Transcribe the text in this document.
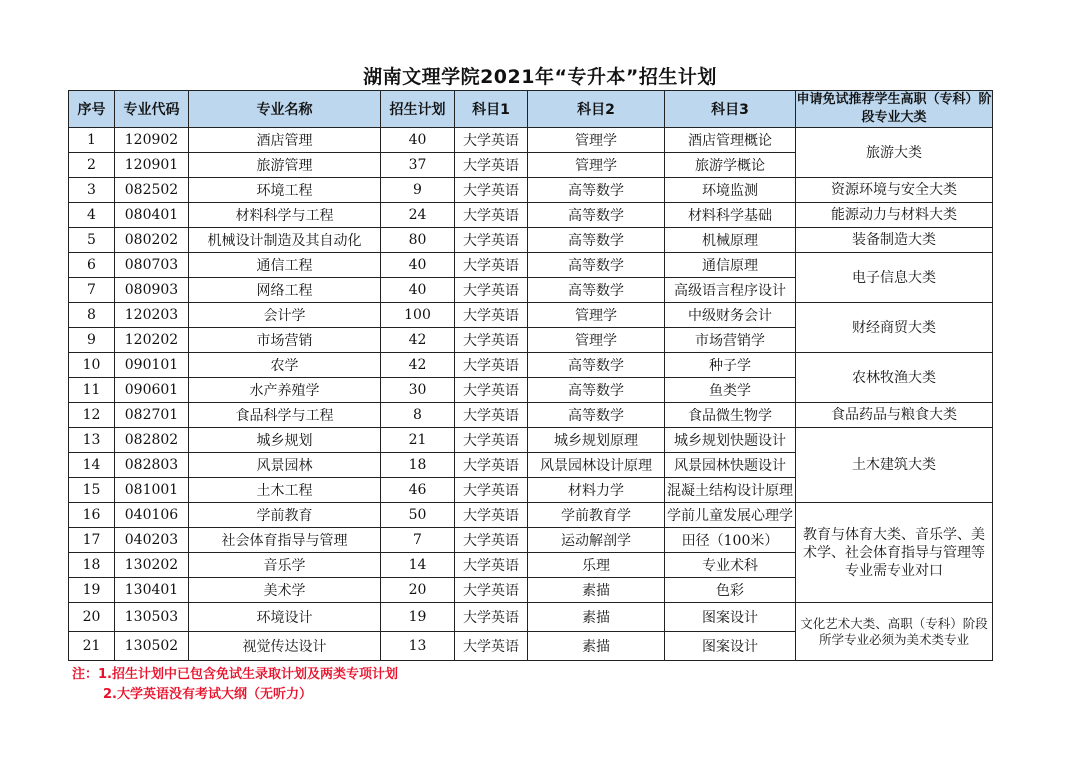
湖南文理学院2021年“专升本”招生计划
序号	专业代码	专业名称	招生计划	科目1	科目2	科目3	申请免试推荐学生高职（专科）阶段专业大类
1	120902	酒店管理	40	大学英语	管理学	酒店管理概论	旅游大类
2	120901	旅游管理	37	大学英语	管理学	旅游学概论	
3	082502	环境工程	9	大学英语	高等数学	环境监测	资源环境与安全大类
4	080401	材料科学与工程	24	大学英语	高等数学	材料科学基础	能源动力与材料大类
5	080202	机械设计制造及其自动化	80	大学英语	高等数学	机械原理	装备制造大类
6	080703	通信工程	40	大学英语	高等数学	通信原理	电子信息大类
7	080903	网络工程	40	大学英语	高等数学	高级语言程序设计	
8	120203	会计学	100	大学英语	管理学	中级财务会计	财经商贸大类
9	120202	市场营销	42	大学英语	管理学	市场营销学	
10	090101	农学	42	大学英语	高等数学	种子学	农林牧渔大类
11	090601	水产养殖学	30	大学英语	高等数学	鱼类学	
12	082701	食品科学与工程	8	大学英语	高等数学	食品微生物学	食品药品与粮食大类
13	082802	城乡规划	21	大学英语	城乡规划原理	城乡规划快题设计	土木建筑大类
14	082803	风景园林	18	大学英语	风景园林设计原理	风景园林快题设计	
15	081001	土木工程	46	大学英语	材料力学	混凝土结构设计原理	
16	040106	学前教育	50	大学英语	学前教育学	学前儿童发展心理学	教育与体育大类、音乐学、美术学、社会体育指导与管理等专业需专业对口
17	040203	社会体育指导与管理	7	大学英语	运动解剖学	田径（100米）	
18	130202	音乐学	14	大学英语	乐理	专业术科	
19	130401	美术学	20	大学英语	素描	色彩	
20	130503	环境设计	19	大学英语	素描	图案设计	文化艺术大类、高职（专科）阶段所学专业必须为美术类专业
21	130502	视觉传达设计	13	大学英语	素描	图案设计	
注：1.招生计划中已包含免试生录取计划及两类专项计划
2.大学英语没有考试大纲（无听力）
